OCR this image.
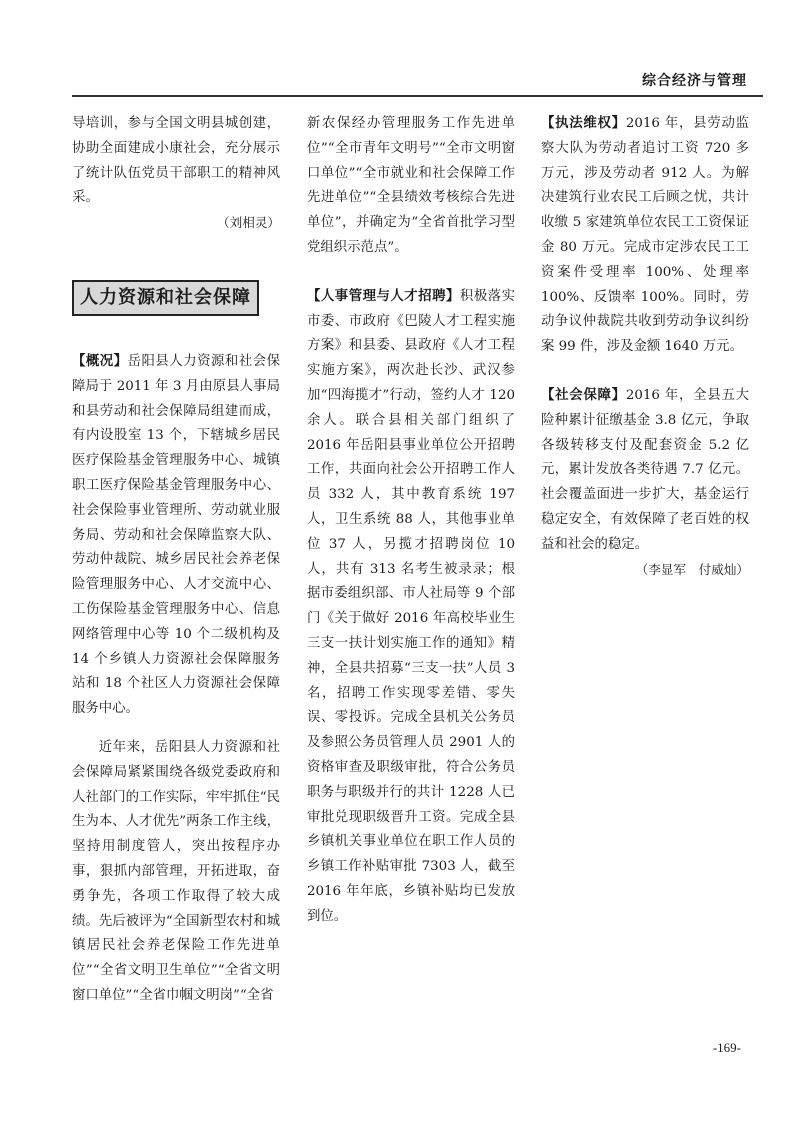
综合经济与管理

导培训，参与全国文明县城创建，协助全面建成小康社会，充分展示了统计队伍党员干部职工的精神风采。

（刘相灵）

人力资源和社会保障

【概况】岳阳县人力资源和社会保障局于 2011 年 3 月由原县人事局和县劳动和社会保障局组建而成，有内设股室 13 个，下辖城乡居民医疗保险基金管理服务中心、城镇职工医疗保险基金管理服务中心、社会保险事业管理所、劳动就业服务局、劳动和社会保障监察大队、劳动仲裁院、城乡居民社会养老保险管理服务中心、人才交流中心、工伤保险基金管理服务中心、信息网络管理中心等 10 个二级机构及 14 个乡镇人力资源社会保障服务站和 18 个社区人力资源社会保障服务中心。

近年来，岳阳县人力资源和社会保障局紧紧围绕各级党委政府和人社部门的工作实际，牢牢抓住“民生为本、人才优先”两条工作主线，坚持用制度管人，突出按程序办事，狠抓内部管理，开拓进取，奋勇争先，各项工作取得了较大成绩。先后被评为“全国新型农村和城镇居民社会养老保险工作先进单位”“全省文明卫生单位”“全省文明窗口单位”“全省巾帼文明岗”“全省

新农保经办管理服务工作先进单位”“全市青年文明号”“全市文明窗口单位”“全市就业和社会保障工作先进单位”“全县绩效考核综合先进单位”，并确定为“全省首批学习型党组织示范点”。

【人事管理与人才招聘】积极落实市委、市政府《巴陵人才工程实施方案》和县委、县政府《人才工程实施方案》，两次赴长沙、武汉参加“四海揽才”行动，签约人才 120 余人。联合县相关部门组织了 2016 年岳阳县事业单位公开招聘工作，共面向社会公开招聘工作人员 332 人，其中教育系统 197 人，卫生系统 88 人，其他事业单位 37 人，另揽才招聘岗位 10 人，共有 313 名考生被录录；根据市委组织部、市人社局等 9 个部门《关于做好 2016 年高校毕业生三支一扶计划实施工作的通知》精神，全县共招募“三支一扶”人员 3 名，招聘工作实现零差错、零失误、零投诉。完成全县机关公务员及参照公务员管理人员 2901 人的资格审查及职级审批，符合公务员职务与职级并行的共计 1228 人已审批兑现职级晋升工资。完成全县乡镇机关事业单位在职工作人员的乡镇工作补贴审批 7303 人，截至 2016 年年底，乡镇补贴均已发放到位。

【执法维权】2016 年，县劳动监察大队为劳动者追讨工资 720 多万元，涉及劳动者 912 人。为解决建筑行业农民工后顾之忧，共计收缴 5 家建筑单位农民工工资保证金 80 万元。完成市定涉农民工工资案件受理率 100%、处理率 100%、反馈率 100%。同时，劳动争议仲裁院共收到劳动争议纠纷案 99 件，涉及金额 1640 万元。

【社会保障】2016 年，全县五大险种累计征缴基金 3.8 亿元，争取各级转移支付及配套资金 5.2 亿元，累计发放各类待遇 7.7 亿元。社会覆盖面进一步扩大，基金运行稳定安全，有效保障了老百姓的权益和社会的稳定。

（李显军　付威灿）

-169-
